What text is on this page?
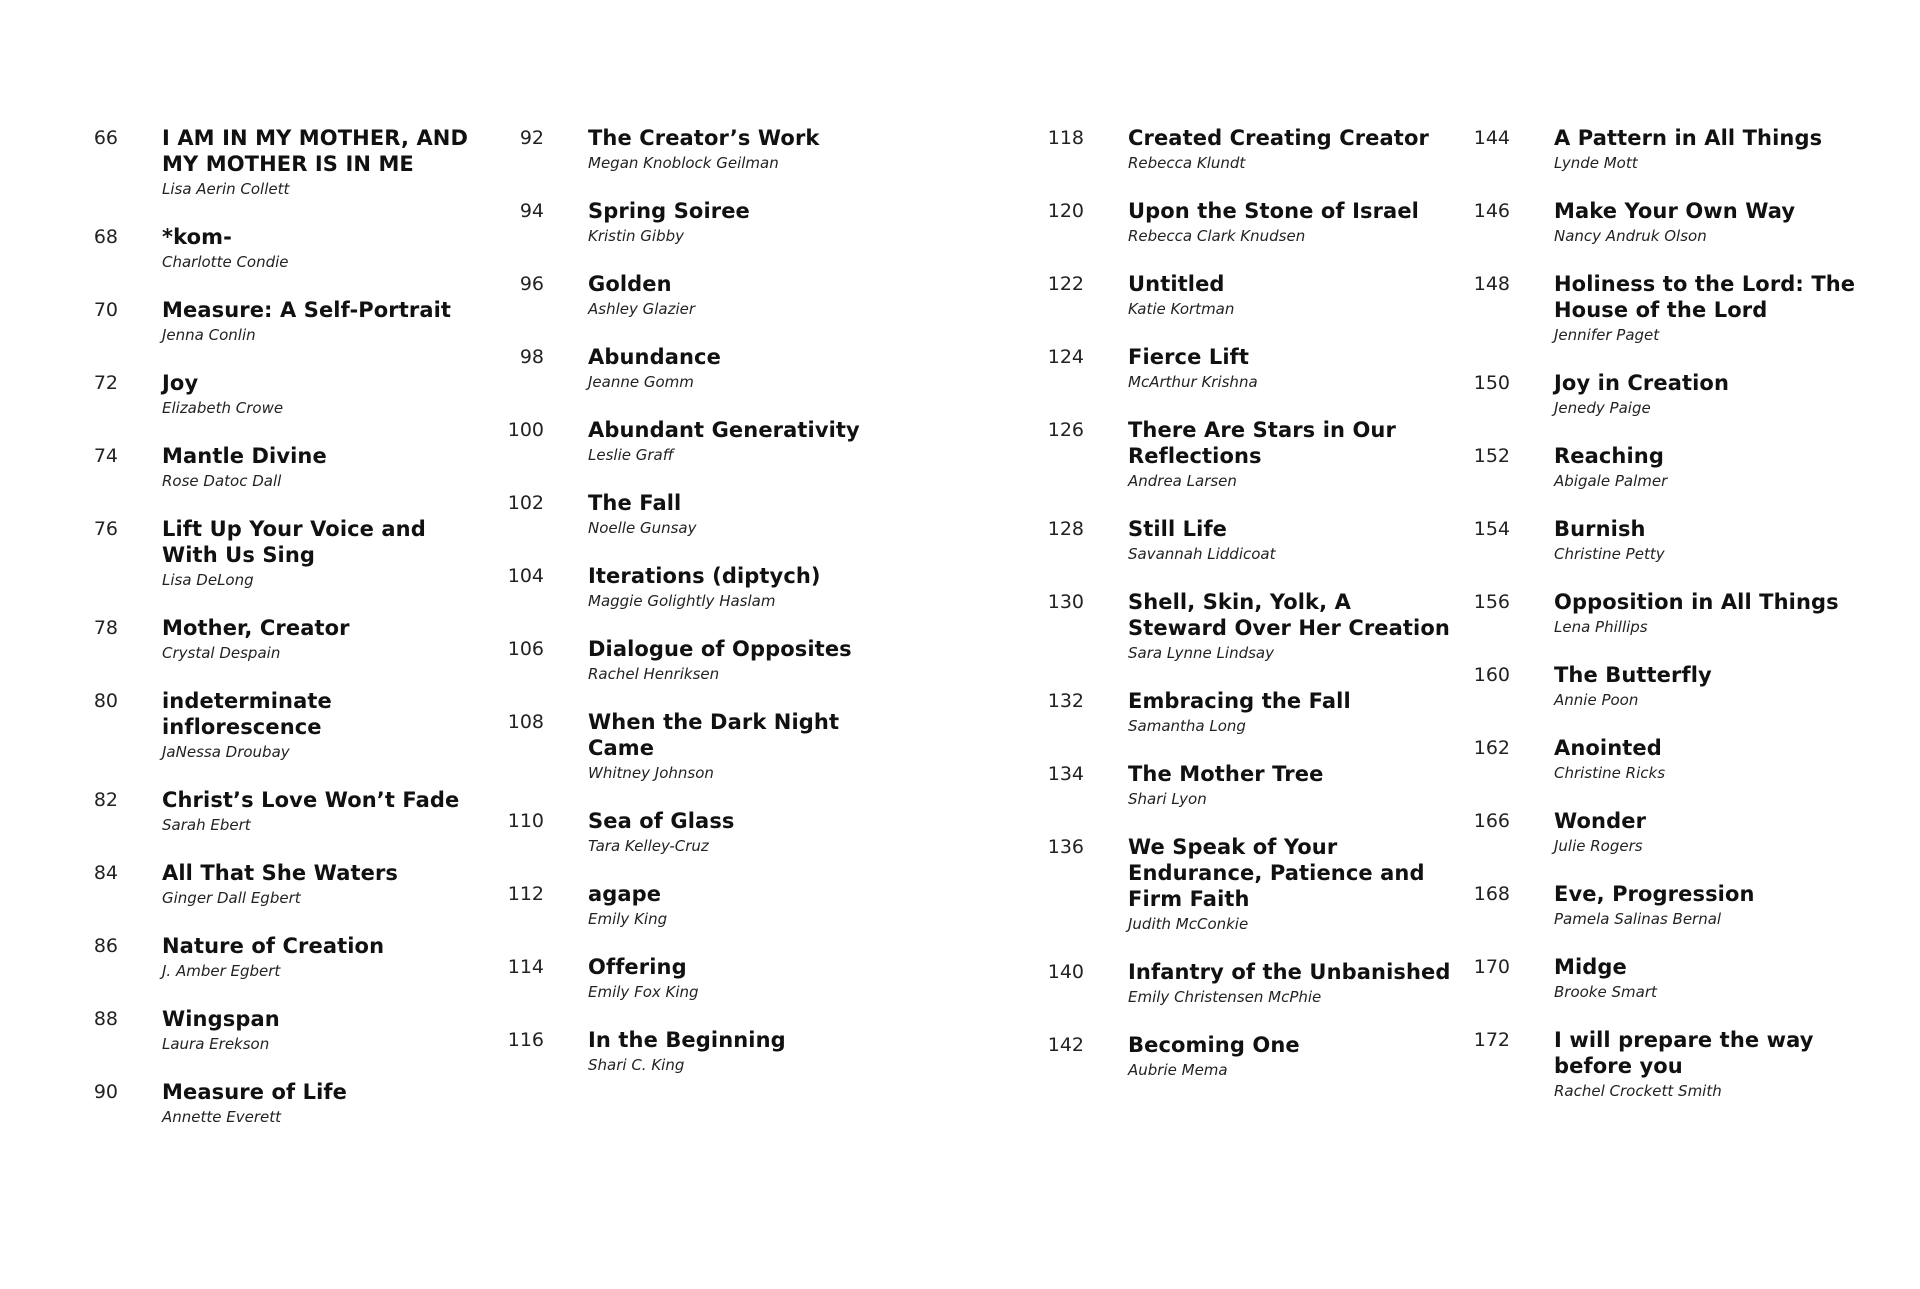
66 I AM IN MY MOTHER, AND MY MOTHER IS IN ME
Lisa Aerin Collett
68 *kom-
Charlotte Condie
70 Measure: A Self-Portrait
Jenna Conlin
72 Joy
Elizabeth Crowe
74 Mantle Divine
Rose Datoc Dall
76 Lift Up Your Voice and With Us Sing
Lisa DeLong
78 Mother, Creator
Crystal Despain
80 indeterminate inflorescence
JaNessa Droubay
82 Christ’s Love Won’t Fade
Sarah Ebert
84 All That She Waters
Ginger Dall Egbert
86 Nature of Creation
J. Amber Egbert
88 Wingspan
Laura Erekson
90 Measure of Life
Annette Everett
92 The Creator’s Work
Megan Knoblock Geilman
94 Spring Soiree
Kristin Gibby
96 Golden
Ashley Glazier
98 Abundance
Jeanne Gomm
100 Abundant Generativity
Leslie Graff
102 The Fall
Noelle Gunsay
104 Iterations (diptych)
Maggie Golightly Haslam
106 Dialogue of Opposites
Rachel Henriksen
108 When the Dark Night Came
Whitney Johnson
110 Sea of Glass
Tara Kelley-Cruz
112 agape
Emily King
114 Offering
Emily Fox King
116 In the Beginning
Shari C. King
118 Created Creating Creator
Rebecca Klundt
120 Upon the Stone of Israel
Rebecca Clark Knudsen
122 Untitled
Katie Kortman
124 Fierce Lift
McArthur Krishna
126 There Are Stars in Our Reflections
Andrea Larsen
128 Still Life
Savannah Liddicoat
130 Shell, Skin, Yolk, A Steward Over Her Creation
Sara Lynne Lindsay
132 Embracing the Fall
Samantha Long
134 The Mother Tree
Shari Lyon
136 We Speak of Your Endurance, Patience and Firm Faith
Judith McConkie
140 Infantry of the Unbanished
Emily Christensen McPhie
142 Becoming One
Aubrie Mema
144 A Pattern in All Things
Lynde Mott
146 Make Your Own Way
Nancy Andruk Olson
148 Holiness to the Lord: The House of the Lord
Jennifer Paget
150 Joy in Creation
Jenedy Paige
152 Reaching
Abigale Palmer
154 Burnish
Christine Petty
156 Opposition in All Things
Lena Phillips
160 The Butterfly
Annie Poon
162 Anointed
Christine Ricks
166 Wonder
Julie Rogers
168 Eve, Progression
Pamela Salinas Bernal
170 Midge
Brooke Smart
172 I will prepare the way before you
Rachel Crockett Smith
